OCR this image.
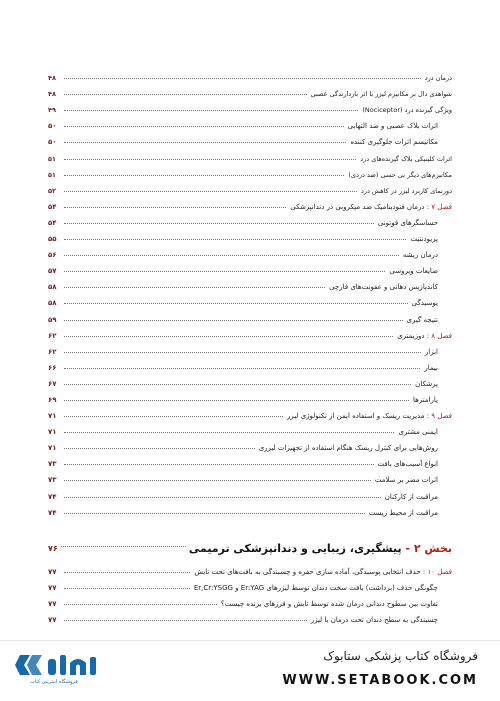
درمان درد
۴۸
شواهدی دال بر مکانیزم لیزر با اثر بازدارندگی عصبی
۴۸
ویژگی گیرنده درد (Nociceptor)
۴۹
اثرات بلاک عصبی و ضد التهابی
۵۰
مکانیسم اثرات جلوگیری کننده
۵۰
اثرات کلینیکی بلاک گیرنده‌های درد
۵۱
مکانیزم‌های دیگر بی حسی (ضد دردی)
۵۱
دورنمای کاربرد لیزر در کاهش درد
۵۲
فصل ۷ : درمان فتودینامیک ضد میکروبی در دندانپزشکی
۵۴
حساسگرهای فوتونی
۵۴
پریودنتیت
۵۵
درمان ریشه
۵۶
ضایعات ویروسی
۵۷
کاندیازیس دهانی و عفونت‌های قارچی
۵۸
پوسیدگی
۵۸
نتیجه گیری
۵۹
فصل ۸ : دوزیمتری
۶۲
ابزار
۶۲
بیمار
۶۶
پزشکان
۶۷
پارامترها
۶۹
فصل ۹ : مدیریت ریسک و استفاده ایمن از تکنولوژی لیزر
۷۱
ایمنی مشتری
۷۱
روش‌هایی برای کنترل ریسک هنگام استفاده از تجهیزات لیزری
۷۱
انواع آسیب‌های بافت
۷۳
اثرات مضر بر سلامت
۷۳
مراقبت از کارکنان
۷۴
مراقبت از محیط زیست
۷۴
بخش ۲ - پیشگیری، زیبایی و دندانپزشکی ترمیمی
۷۶
فصل ۱۰ : حذف انتخابی پوسیدگی، آماده سازی حفره و چسبندگی به بافت‌های تحت تابش
۷۷
چگونگی حذف (برداشت) بافت سخت دندان توسط لیزرهای Er:YAG و Er,Cr:YSGG
۷۷
تفاوت بین سطوح دندانی درمان شده توسط تابش و فرزهای برنده چیست؟
۷۷
چسبندگی به سطح دندان تحت درمان با لیزر
۷۷
فروشگاه اینترنتی کتاب
فروشگاه کتاب پزشکی ستابوک
WWW.SETABOOK.COM
